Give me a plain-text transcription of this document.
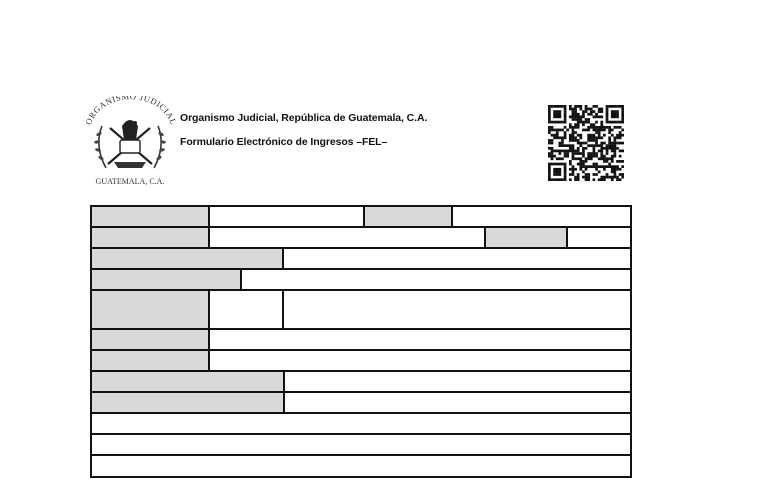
ORGANISMO JUDICIAL
GUATEMALA, C.A.
Organismo Judicial, República de Guatemala, C.A.
Formulario Electrónico de Ingresos –FEL–
